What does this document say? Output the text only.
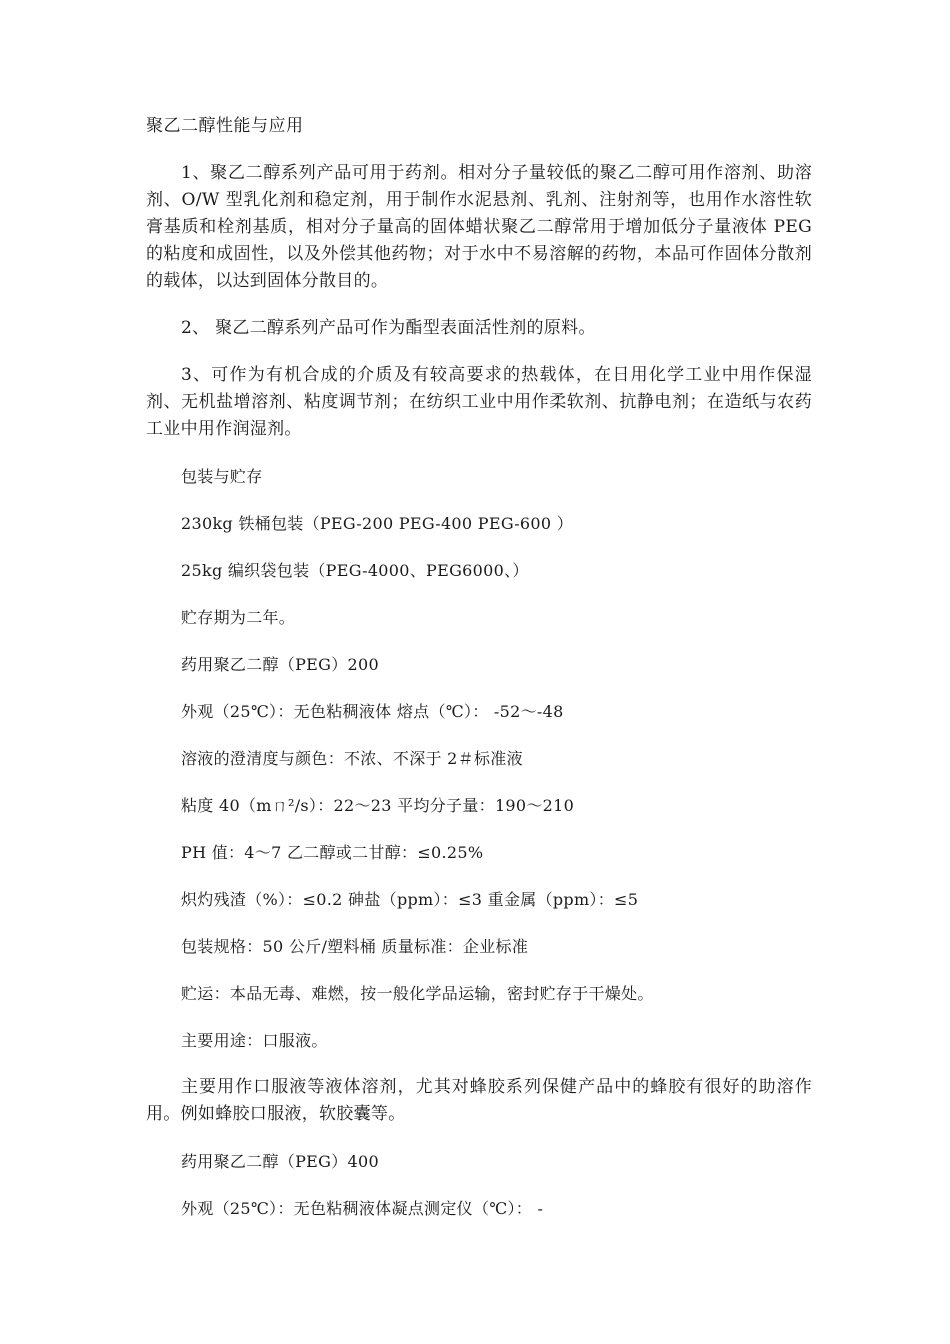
聚乙二醇性能与应用

1、聚乙二醇系列产品可用于药剂。相对分子量较低的聚乙二醇可用作溶剂、助溶剂、O/W 型乳化剂和稳定剂，用于制作水泥悬剂、乳剂、注射剂等，也用作水溶性软膏基质和栓剂基质，相对分子量高的固体蜡状聚乙二醇常用于增加低分子量液体 PEG 的粘度和成固性，以及外偿其他药物；对于水中不易溶解的药物，本品可作固体分散剂的载体，以达到固体分散目的。

2、 聚乙二醇系列产品可作为酯型表面活性剂的原料。

3、可作为有机合成的介质及有较高要求的热载体，在日用化学工业中用作保湿剂、无机盐增溶剂、粘度调节剂；在纺织工业中用作柔软剂、抗静电剂；在造纸与农药工业中用作润湿剂。

包装与贮存
230kg 铁桶包装（PEG-200 PEG-400 PEG-600 ）
25kg 编织袋包装（PEG-4000、PEG6000、）
贮存期为二年。
药用聚乙二醇（PEG）200
外观（25℃）：无色粘稠液体 熔点（℃）： -52～-48
溶液的澄清度与颜色：不浓、不深于 2＃标准液
粘度 40（mㄇ²/s）：22～23 平均分子量：190～210
PH 值：4～7 乙二醇或二甘醇：≤0.25%
炽灼残渣（%）：≤0.2 砷盐（ppm）：≤3 重金属（ppm）：≤5
包装规格：50 公斤/塑料桶 质量标准：企业标准
贮运：本品无毒、难燃，按一般化学品运输，密封贮存于干燥处。
主要用途：口服液。

主要用作口服液等液体溶剂，尤其对蜂胶系列保健产品中的蜂胶有很好的助溶作用。例如蜂胶口服液，软胶囊等。

药用聚乙二醇（PEG）400
外观（25℃）：无色粘稠液体凝点测定仪（℃）： -
